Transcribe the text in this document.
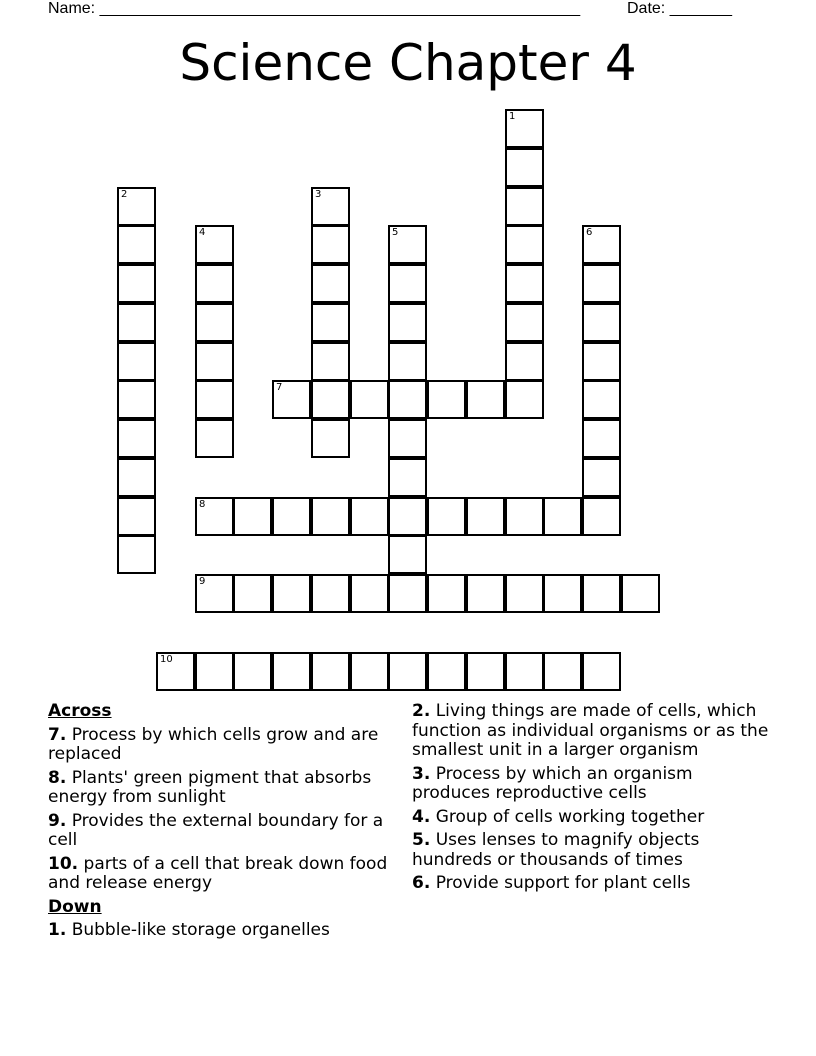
Name: ______________________________________________________	Date: _______
Science Chapter 4
1
2	3
4	5	6
7
8
9
10
Across
7. Process by which cells grow and are replaced
8. Plants' green pigment that absorbs energy from sunlight
9. Provides the external boundary for a cell
10. parts of a cell that break down food and release energy
Down
1. Bubble-like storage organelles
2. Living things are made of cells, which function as individual organisms or as the smallest unit in a larger organism
3. Process by which an organism produces reproductive cells
4. Group of cells working together
5. Uses lenses to magnify objects hundreds or thousands of times
6. Provide support for plant cells
